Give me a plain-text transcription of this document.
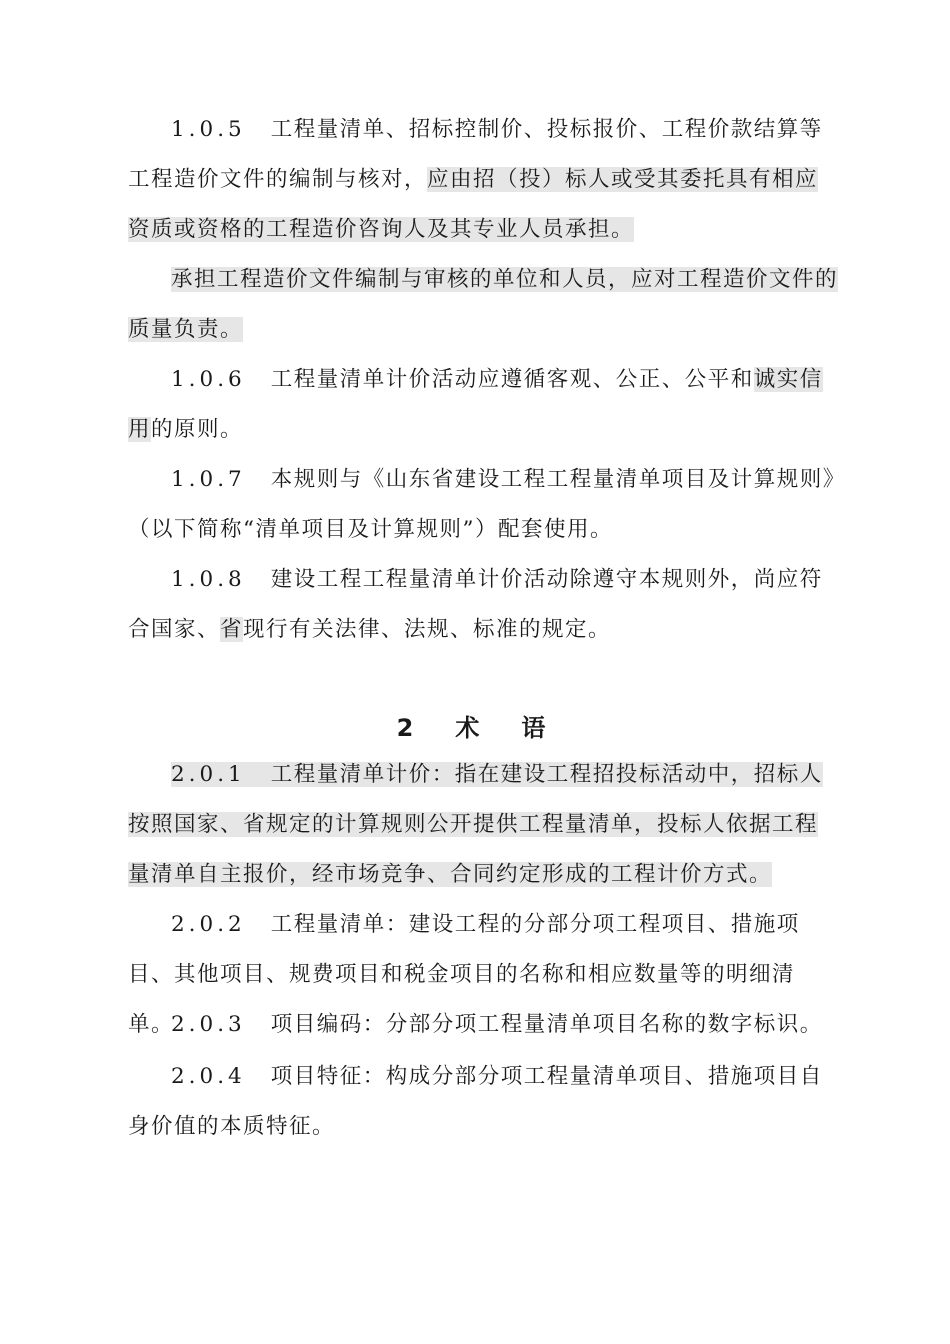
1.0.5 工程量清单、招标控制价、投标报价、工程价款结算等工程造价文件的编制与核对，应由招（投）标人或受其委托具有相应资质或资格的工程造价咨询人及其专业人员承担。

承担工程造价文件编制与审核的单位和人员，应对工程造价文件的质量负责。

1.0.6 工程量清单计价活动应遵循客观、公正、公平和诚实信用的原则。

1.0.7 本规则与《山东省建设工程工程量清单项目及计算规则》（以下简称“清单项目及计算规则”）配套使用。

1.0.8 建设工程工程量清单计价活动除遵守本规则外，尚应符合国家、省现行有关法律、法规、标准的规定。

2 术 语

2.0.1 工程量清单计价：指在建设工程招投标活动中，招标人按照国家、省规定的计算规则公开提供工程量清单，投标人依据工程量清单自主报价，经市场竞争、合同约定形成的工程计价方式。

2.0.2 工程量清单：建设工程的分部分项工程项目、措施项目、其他项目、规费项目和税金项目的名称和相应数量等的明细清单。

2.0.3 项目编码：分部分项工程量清单项目名称的数字标识。

2.0.4 项目特征：构成分部分项工程量清单项目、措施项目自身价值的本质特征。
